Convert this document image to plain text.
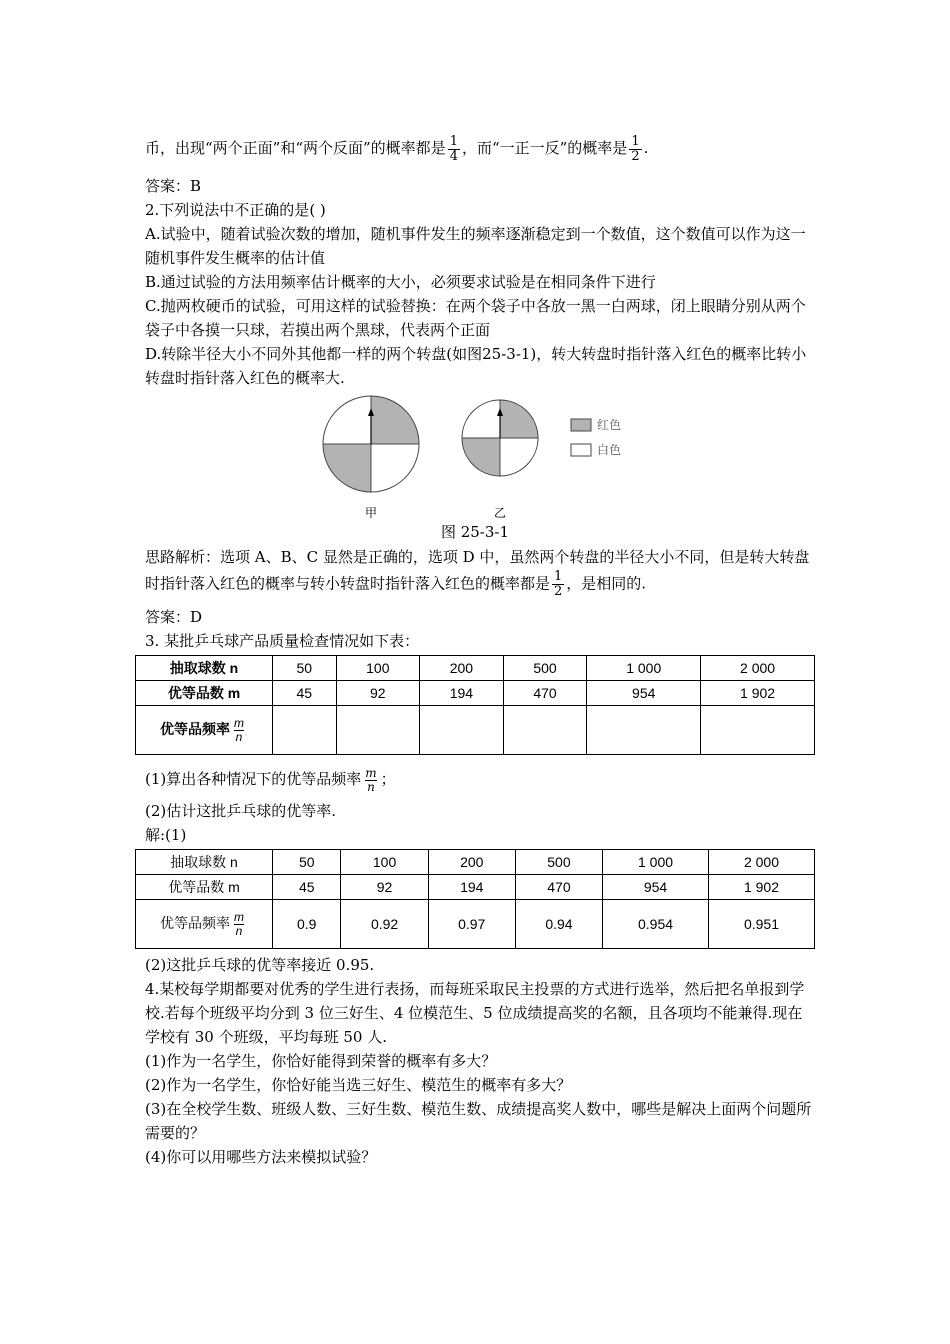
币，出现“两个正面”和“两个反面”的概率都是 $\frac{1}{4}$ ，而“一正一反”的概率是 $\frac{1}{2}$ .
答案：B
2.下列说法中不正确的是( )
A.试验中，随着试验次数的增加，随机事件发生的频率逐渐稳定到一个数值，这个数值可以作为这一随机事件发生概率的估计值
B.通过试验的方法用频率估计概率的大小，必须要求试验是在相同条件下进行
C.抛两枚硬币的试验，可用这样的试验替换：在两个袋子中各放一黑一白两球，闭上眼睛分别从两个袋子中各摸一只球，若摸出两个黑球，代表两个正面
D.转除半径大小不同外其他都一样的两个转盘(如图25-3-1)，转大转盘时指针落入红色的概率比转小转盘时指针落入红色的概率大.
甲	乙
红色
白色
图 25-3-1
思路解析：选项 A、B、C 显然是正确的，选项 D 中，虽然两个转盘的半径大小不同，但是转大转盘时指针落入红色的概率与转小转盘时指针落入红色的概率都是 $\frac{1}{2}$ ，是相同的.
答案：D
3. 某批乒乓球产品质量检查情况如下表：
抽取球数 n	50	100	200	500	1 000	2 000
优等品数 m	45	92	194	470	954	1 902
优等品频率 $\frac{m}{n}$

(1)算出各种情况下的优等品频率 $\frac{m}{n}$ ；
(2)估计这批乒乓球的优等率.
解:(1)
抽取球数 n	50	100	200	500	1 000	2 000
优等品数 m	45	92	194	470	954	1 902
优等品频率 $\frac{m}{n}$	0.9	0.92	0.97	0.94	0.954	0.951
(2)这批乒乓球的优等率接近 0.95.
4.某校每学期都要对优秀的学生进行表扬，而每班采取民主投票的方式进行选举，然后把名单报到学校.若每个班级平均分到 3 位三好生、4 位模范生、5 位成绩提高奖的名额，且各项均不能兼得.现在学校有 30 个班级，平均每班 50 人.
(1)作为一名学生，你恰好能得到荣誉的概率有多大？
(2)作为一名学生，你恰好能当选三好生、模范生的概率有多大？
(3)在全校学生数、班级人数、三好生数、模范生数、成绩提高奖人数中，哪些是解决上面两个问题所需要的？
(4)你可以用哪些方法来模拟试验？
